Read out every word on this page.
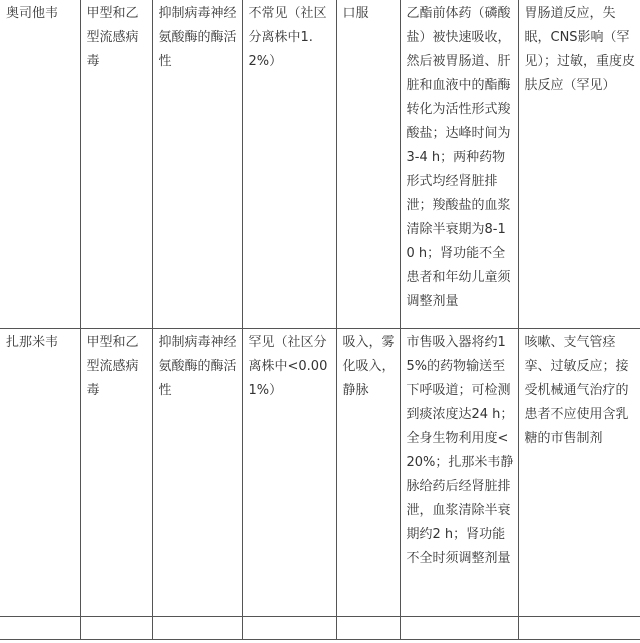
奥司他韦	甲型和乙型流感病毒	抑制病毒神经氨酸酶的酶活性	不常见（社区分离株中1.2%）	口服	乙酯前体药（磷酸盐）被快速吸收，然后被胃肠道、肝脏和血液中的酯酶转化为活性形式羧酸盐；达峰时间为3-4 h；两种药物形式均经肾脏排泄；羧酸盐的血浆清除半衰期为8-10 h；肾功能不全患者和年幼儿童须调整剂量	胃肠道反应，失眠，CNS影响（罕见）；过敏，重度皮肤反应（罕见）

扎那米韦	甲型和乙型流感病毒	抑制病毒神经氨酸酶的酶活性	罕见（社区分离株中<0.001%）	吸入，雾化吸入，静脉	市售吸入器将约15%的药物输送至下呼吸道；可检测到痰浓度达24 h；全身生物利用度<20%；扎那米韦静脉给药后经肾脏排泄，血浆清除半衰期约2 h；肾功能不全时须调整剂量	咳嗽、支气管痉挛、过敏反应；接受机械通气治疗的患者不应使用含乳糖的市售制剂
